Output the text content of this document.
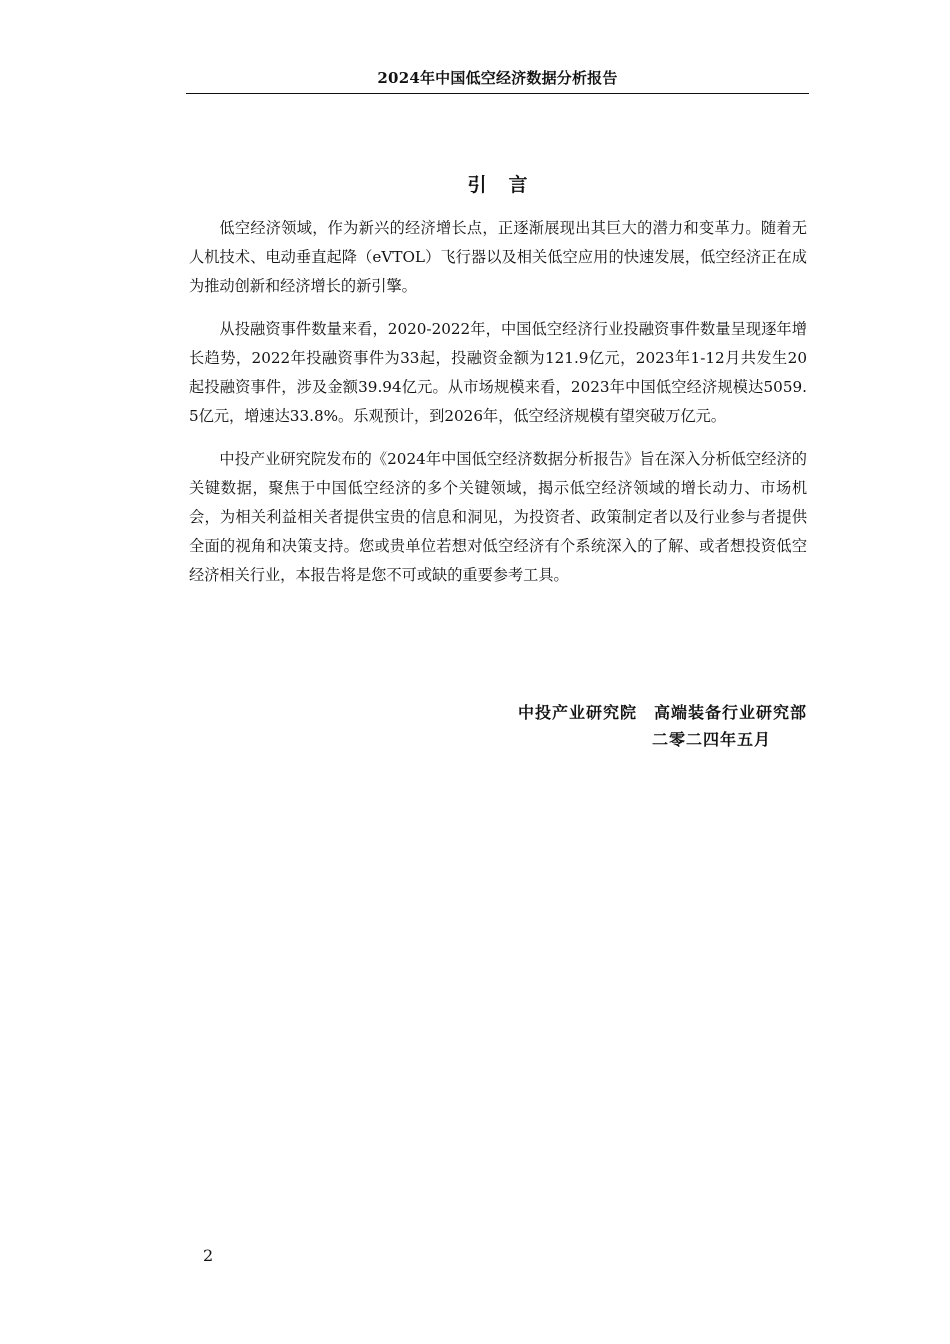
2024年中国低空经济数据分析报告
引言

低空经济领域，作为新兴的经济增长点，正逐渐展现出其巨大的潜力和变革力。随着无人机技术、电动垂直起降（eVTOL）飞行器以及相关低空应用的快速发展，低空经济正在成为推动创新和经济增长的新引擎。

从投融资事件数量来看，2020-2022年，中国低空经济行业投融资事件数量呈现逐年增长趋势，2022年投融资事件为33起，投融资金额为121.9亿元，2023年1-12月共发生20起投融资事件，涉及金额39.94亿元。从市场规模来看，2023年中国低空经济规模达5059.5亿元，增速达33.8%。乐观预计，到2026年，低空经济规模有望突破万亿元。

中投产业研究院发布的《2024年中国低空经济数据分析报告》旨在深入分析低空经济的关键数据，聚焦于中国低空经济的多个关键领域，揭示低空经济领域的增长动力、市场机会，为相关利益相关者提供宝贵的信息和洞见，为投资者、政策制定者以及行业参与者提供全面的视角和决策支持。您或贵单位若想对低空经济有个系统深入的了解、或者想投资低空经济相关行业，本报告将是您不可或缺的重要参考工具。

中投产业研究院　高端装备行业研究部
二零二四年五月
2
